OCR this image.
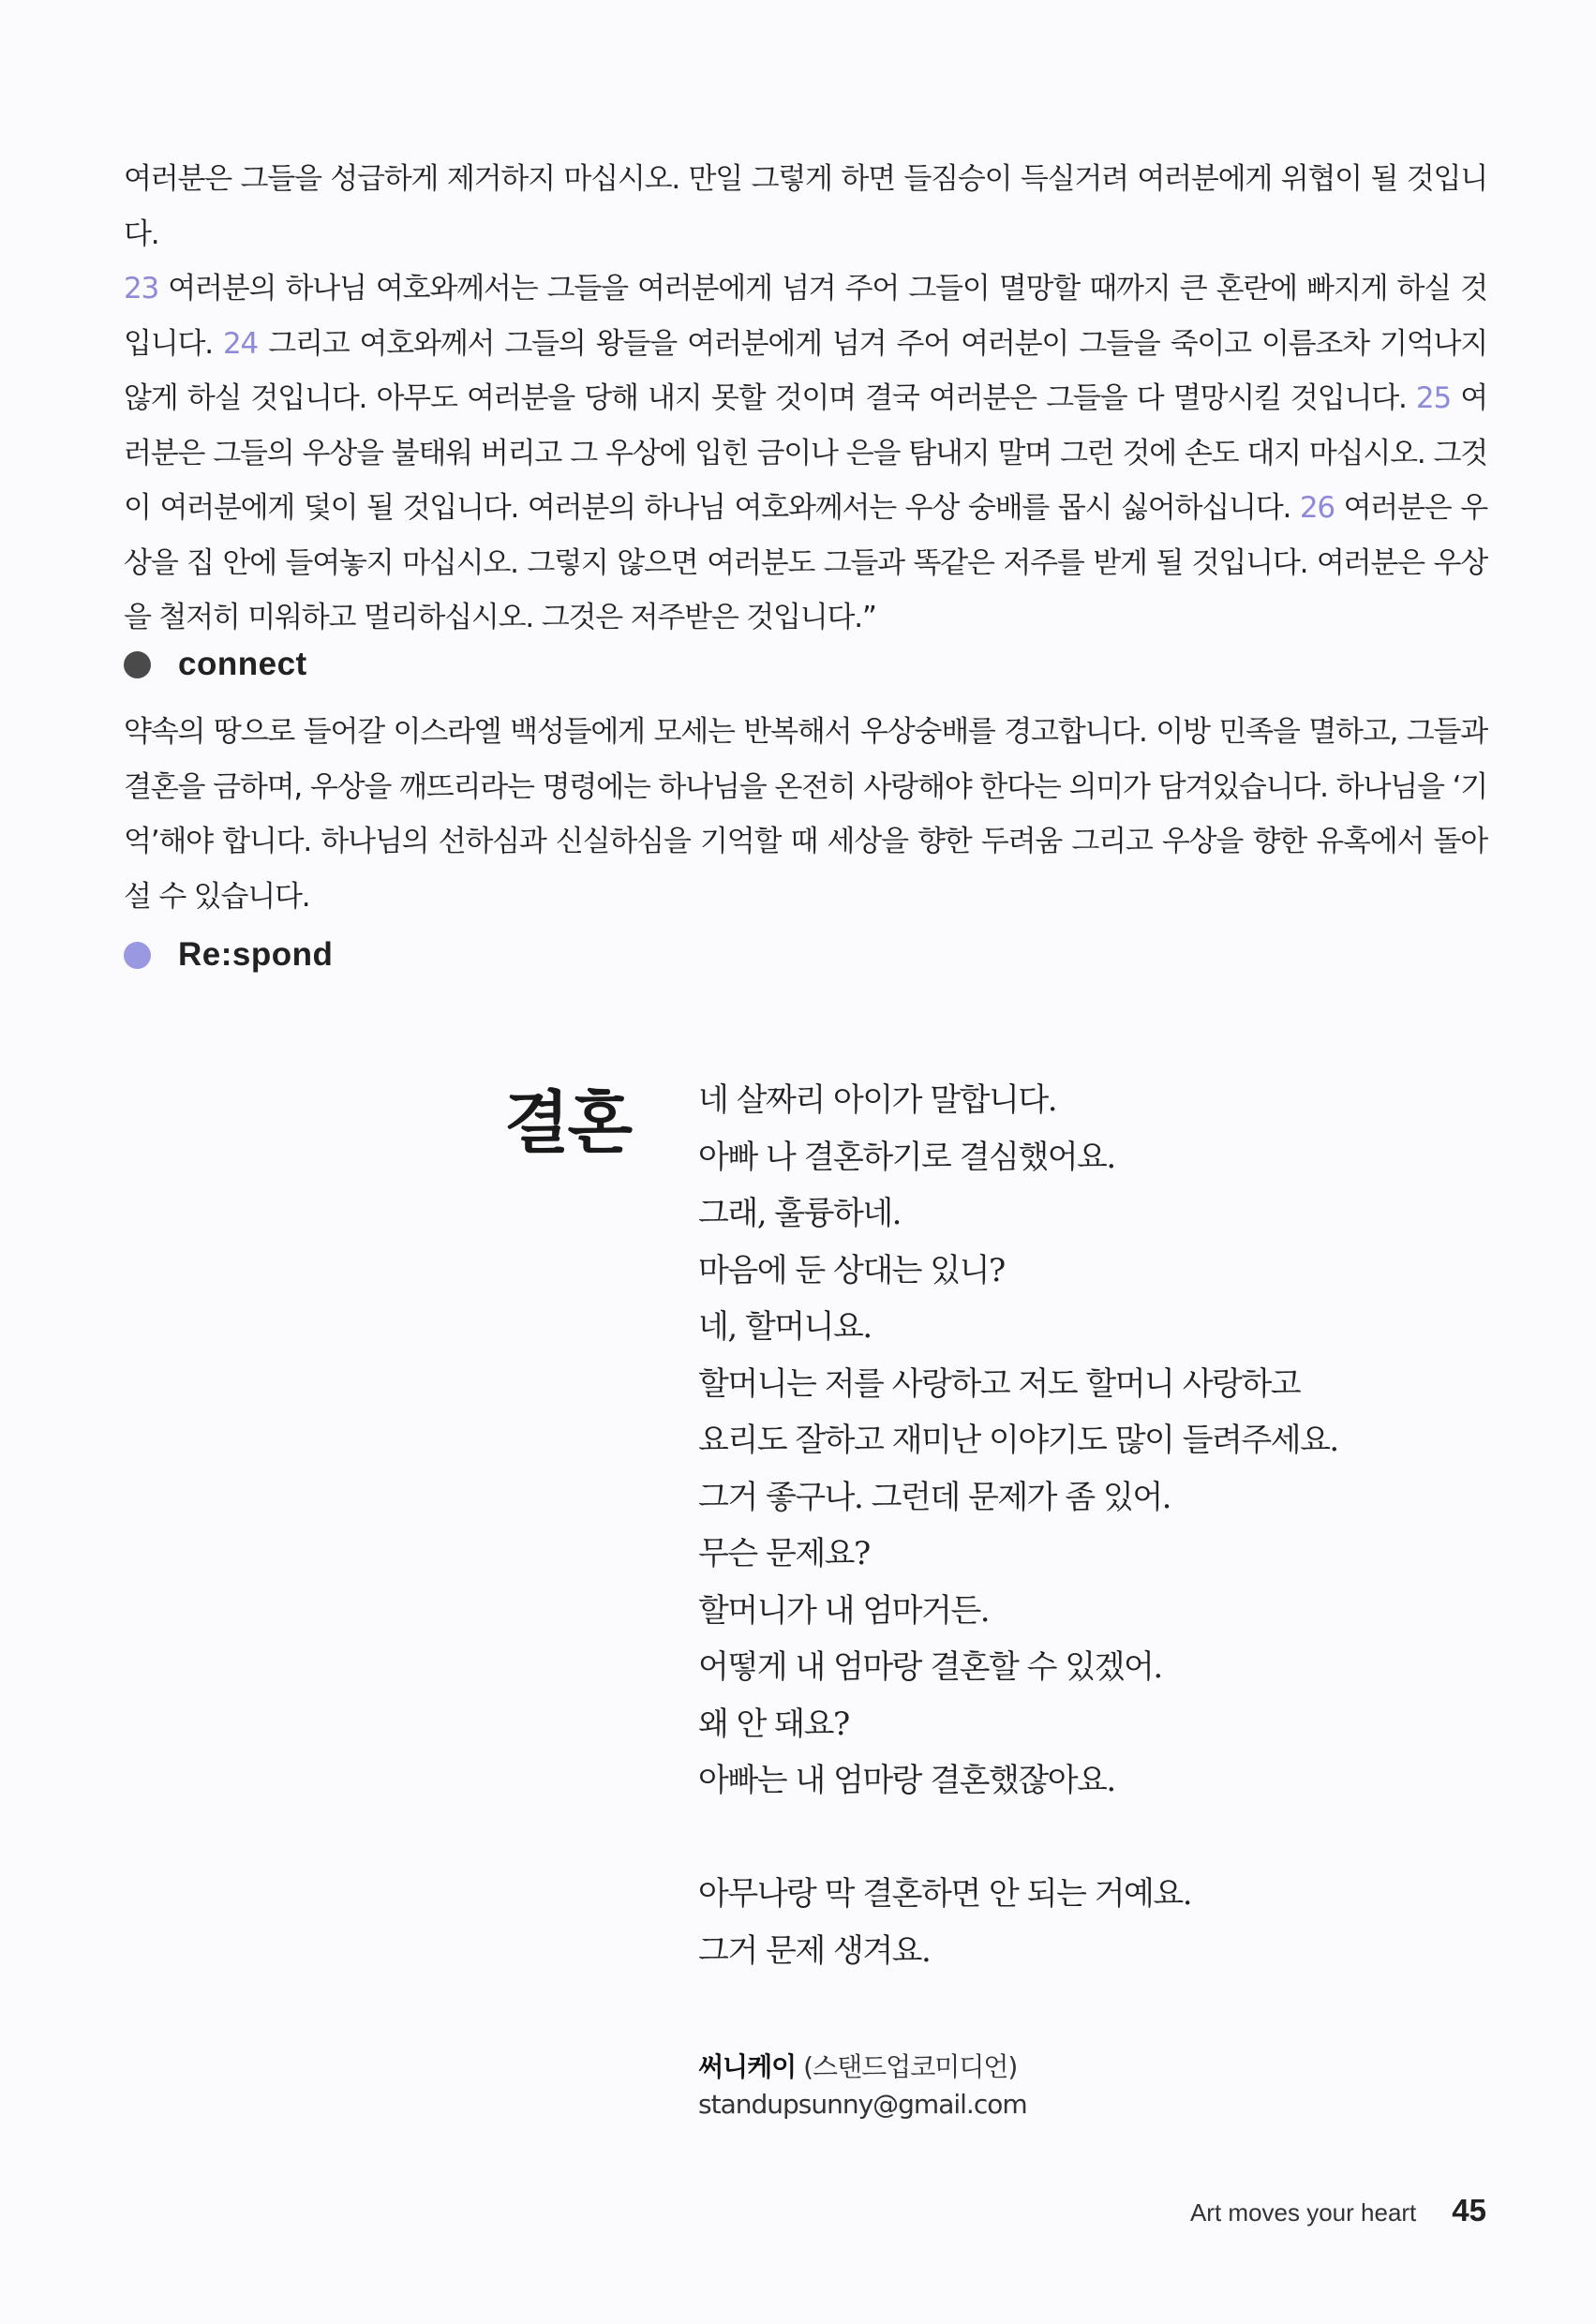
여러분은 그들을 성급하게 제거하지 마십시오. 만일 그렇게 하면 들짐승이 득실거려 여러분에게 위협이 될 것입니다.
23 여러분의 하나님 여호와께서는 그들을 여러분에게 넘겨 주어 그들이 멸망할 때까지 큰 혼란에 빠지게 하실 것입니다. 24 그리고 여호와께서 그들의 왕들을 여러분에게 넘겨 주어 여러분이 그들을 죽이고 이름조차 기억나지 않게 하실 것입니다. 아무도 여러분을 당해 내지 못할 것이며 결국 여러분은 그들을 다 멸망시킬 것입니다. 25 여러분은 그들의 우상을 불태워 버리고 그 우상에 입힌 금이나 은을 탐내지 말며 그런 것에 손도 대지 마십시오. 그것이 여러분에게 덫이 될 것입니다. 여러분의 하나님 여호와께서는 우상 숭배를 몹시 싫어하십니다. 26 여러분은 우상을 집 안에 들여놓지 마십시오. 그렇지 않으면 여러분도 그들과 똑같은 저주를 받게 될 것입니다. 여러분은 우상을 철저히 미워하고 멀리하십시오. 그것은 저주받은 것입니다.”

connect

약속의 땅으로 들어갈 이스라엘 백성들에게 모세는 반복해서 우상숭배를 경고합니다. 이방 민족을 멸하고, 그들과 결혼을 금하며, 우상을 깨뜨리라는 명령에는 하나님을 온전히 사랑해야 한다는 의미가 담겨있습니다. 하나님을 ‘기억’해야 합니다. 하나님의 선하심과 신실하심을 기억할 때 세상을 향한 두려움 그리고 우상을 향한 유혹에서 돌아설 수 있습니다.

Re:spond
결혼 네 살짜리 아이가 말합니다.
아빠 나 결혼하기로 결심했어요.
그래, 훌륭하네.
마음에 둔 상대는 있니?
네, 할머니요.
할머니는 저를 사랑하고 저도 할머니 사랑하고
요리도 잘하고 재미난 이야기도 많이 들려주세요.
그거 좋구나. 그런데 문제가 좀 있어.
무슨 문제요?
할머니가 내 엄마거든.
어떻게 내 엄마랑 결혼할 수 있겠어.
왜 안 돼요?
아빠는 내 엄마랑 결혼했잖아요.
아무나랑 막 결혼하면 안 되는 거예요.
그거 문제 생겨요.
써니케이 (스탠드업코미디언)
standupsunny@gmail.com
Art moves your heart 45
